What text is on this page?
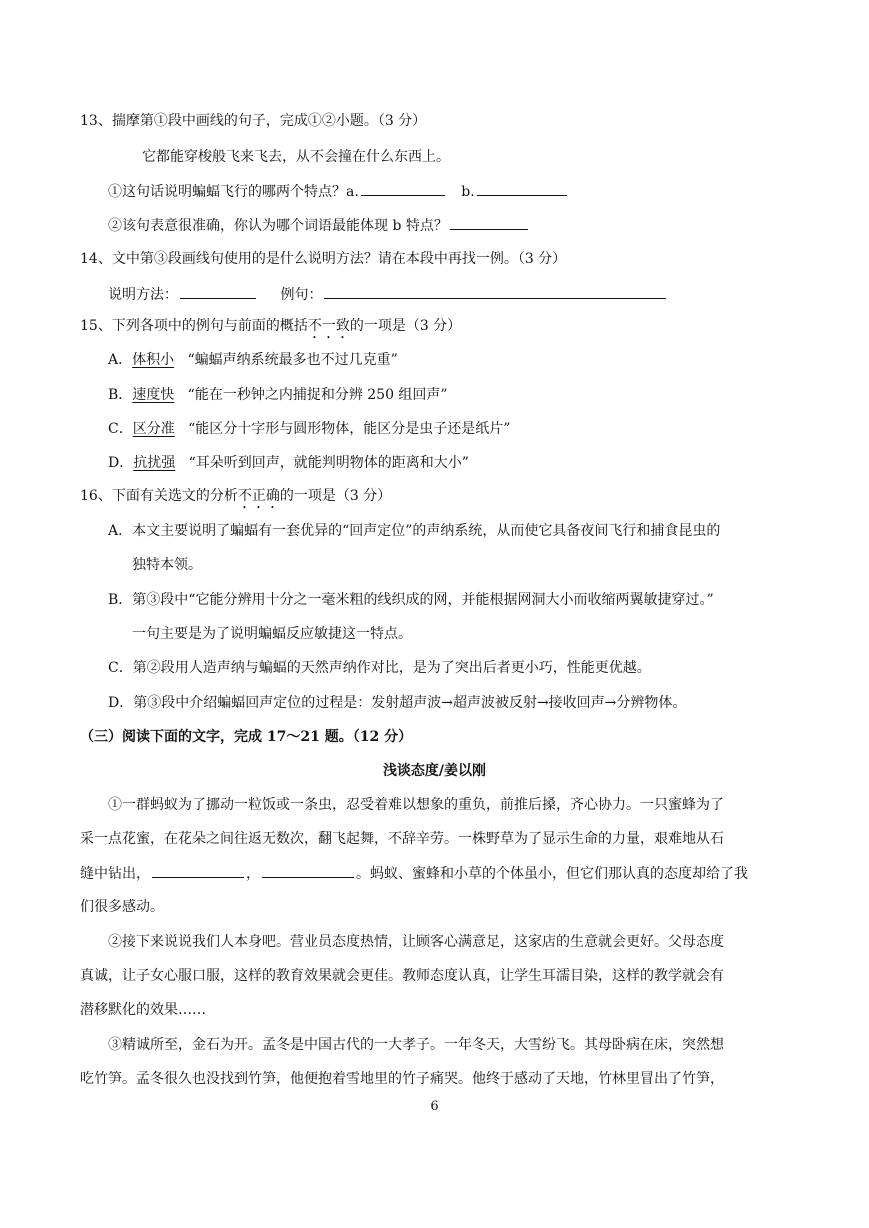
13、揣摩第①段中画线的句子，完成①②小题。（3 分）
它都能穿梭般飞来飞去，从不会撞在什么东西上。
①这句话说明蝙蝠飞行的哪两个特点？a.	b.
②该句表意很准确，你认为哪个词语最能体现 b 特点？
14、文中第③段画线句使用的是什么说明方法？请在本段中再找一例。（3 分）
说明方法：	例句：
15、下列各项中的例句与前面的概括不一致的一项是（3 分）
A．体积小 “蝙蝠声纳系统最多也不过几克重”
B．速度快 “能在一秒钟之内捕捉和分辨 250 组回声”
C．区分准 “能区分十字形与圆形物体，能区分是虫子还是纸片”
D．抗扰强 “耳朵听到回声，就能判明物体的距离和大小”
16、下面有关选文的分析不正确的一项是（3 分）
A．本文主要说明了蝙蝠有一套优异的“回声定位”的声纳系统，从而使它具备夜间飞行和捕食昆虫的
独特本领。
B．第③段中“它能分辨用十分之一毫米粗的线织成的网，并能根据网洞大小而收缩两翼敏捷穿过。”
一句主要是为了说明蝙蝠反应敏捷这一特点。
C．第②段用人造声纳与蝙蝠的天然声纳作对比，是为了突出后者更小巧，性能更优越。
D．第③段中介绍蝙蝠回声定位的过程是：发射超声波→超声波被反射→接收回声→分辨物体。
（三）阅读下面的文字，完成 17～21 题。（12 分）
浅谈态度/姜以刚
①一群蚂蚁为了挪动一粒饭或一条虫，忍受着难以想象的重负，前推后搡，齐心协力。一只蜜蜂为了
采一点花蜜，在花朵之间往返无数次，翻飞起舞，不辞辛劳。一株野草为了显示生命的力量，艰难地从石
缝中钻出，	，	。蚂蚁、蜜蜂和小草的个体虽小，但它们那认真的态度却给了我
们很多感动。
②接下来说说我们人本身吧。营业员态度热情，让顾客心满意足，这家店的生意就会更好。父母态度
真诚，让子女心服口服，这样的教育效果就会更佳。教师态度认真，让学生耳濡目染，这样的教学就会有
潜移默化的效果……
③精诚所至，金石为开。孟冬是中国古代的一大孝子。一年冬天，大雪纷飞。其母卧病在床，突然想
吃竹笋。孟冬很久也没找到竹笋，他便抱着雪地里的竹子痛哭。他终于感动了天地，竹林里冒出了竹笋，
6
